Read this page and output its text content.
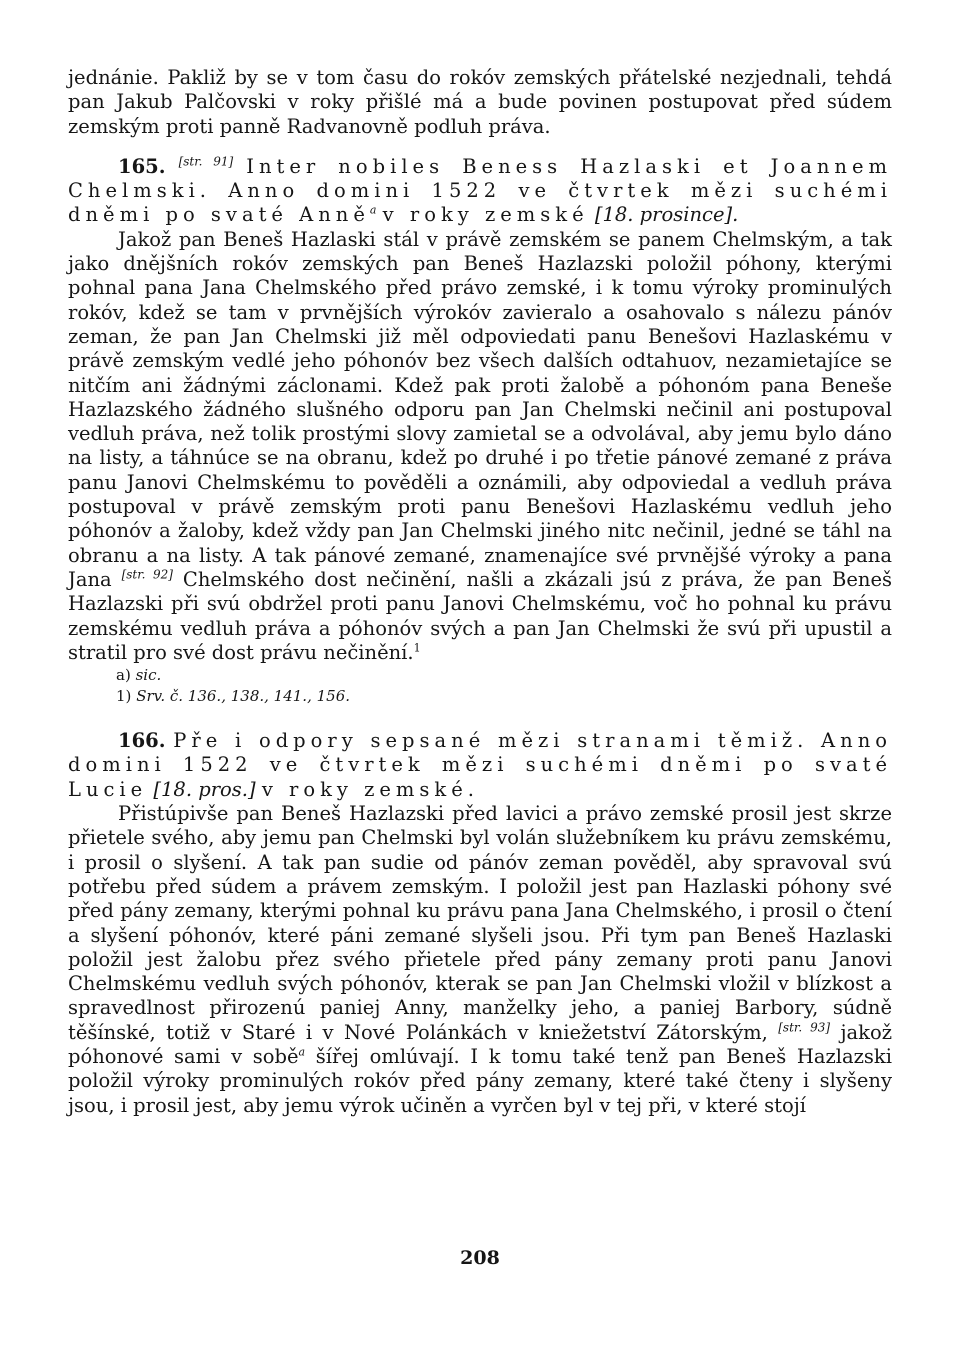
jednánie. Pakliž by se v tom času do rokóv zemských přátelské nezjednali, tehdá pan Jakub Palčovski v roky přišlé má a bude povinen postupovat před súdem zemským proti panně Radvanovně podluh práva.

165. [str. 91] Inter nobiles Beness Hazlaski et Joannem Chelmski. Anno domini 1522 ve čtvrtek mězi suchémi dněmi po svaté Anně$^a$ v roky zemské [18. prosince].

Jakož pan Beneš Hazlaski stál v právě zemském se panem Chelmským, a tak jako dnějšních rokóv zemských pan Beneš Hazlazski položil póhony, kterými pohnal pana Jana Chelmského před právo zemské, i k tomu výroky prominulých rokóv, kdež se tam v prvnějších výrokóv zavieralo a osahovalo s nálezu pánóv zeman, že pan Jan Chelmski již měl odpoviedati panu Benešovi Hazlaskému v právě zemským vedlé jeho póhonóv bez všech dalších odtahuov, nezamietajíce se nitčím ani žádnými záclonami. Kdež pak proti žalobě a póhonóm pana Beneše Hazlazského žádného slušného odporu pan Jan Chelmski nečinil ani postupoval vedluh práva, než tolik prostými slovy zamietal se a odvolával, aby jemu bylo dáno na listy, a táhnúce se na obranu, kdež po druhé i po třetie pánové zemané z práva panu Janovi Chelmskému to pověděli a oznámili, aby odpoviedal a vedluh práva postupoval v právě zemským proti panu Benešovi Hazlaskému vedluh jeho póhonóv a žaloby, kdež vždy pan Jan Chelmski jiného nitc nečinil, jedné se táhl na obranu a na listy. A tak pánové zemané, znamenajíce své prvnějšé výroky a pana Jana [str. 92] Chelmského dost nečinění, našli a zkázali jsú z práva, že pan Beneš Hazlazski při svú obdržel proti panu Janovi Chelmskému, voč ho pohnal ku právu zemskému vedluh práva a póhonóv svých a pan Jan Chelmski že svú při upustil a stratil pro své dost právu nečinění.$^1$

a) sic.
1) Srv. č. 136., 138., 141., 156.

166. Pře i odpory sepsané mězi stranami těmiž. Anno domini 1522 ve čtvrtek mězi suchémi dněmi po svaté Lucie [18. pros.] v roky zemské.

Přistúpivše pan Beneš Hazlazski před lavici a právo zemské prosil jest skrze přietele svého, aby jemu pan Chelmski byl volán služebníkem ku právu zemskému, i prosil o slyšení. A tak pan sudie od pánóv zeman pověděl, aby spravoval svú potřebu před súdem a právem zemským. I položil jest pan Hazlaski póhony své před pány zemany, kterými pohnal ku právu pana Jana Chelmského, i prosil o čtení a slyšení póhonóv, které páni zemané slyšeli jsou. Při tym pan Beneš Hazlaski položil jest žalobu přez svého přietele před pány zemany proti panu Janovi Chelmskému vedluh svých póhonóv, kterak se pan Jan Chelmski vložil v blízkost a spravedlnost přirozenú paniej Anny, manželky jeho, a paniej Barbory, súdně těšínské, totiž v Staré i v Nové Polánkách v kniežetství Zátorským, [str. 93] jakož póhonové sami v sobě$^a$ šířej omlúvají. I k tomu také tenž pan Beneš Hazlazski položil výroky prominulých rokóv před pány zemany, které také čteny i slyšeny jsou, i prosil jest, aby jemu výrok učiněn a vyrčen byl v tej při, v které stojí

208
